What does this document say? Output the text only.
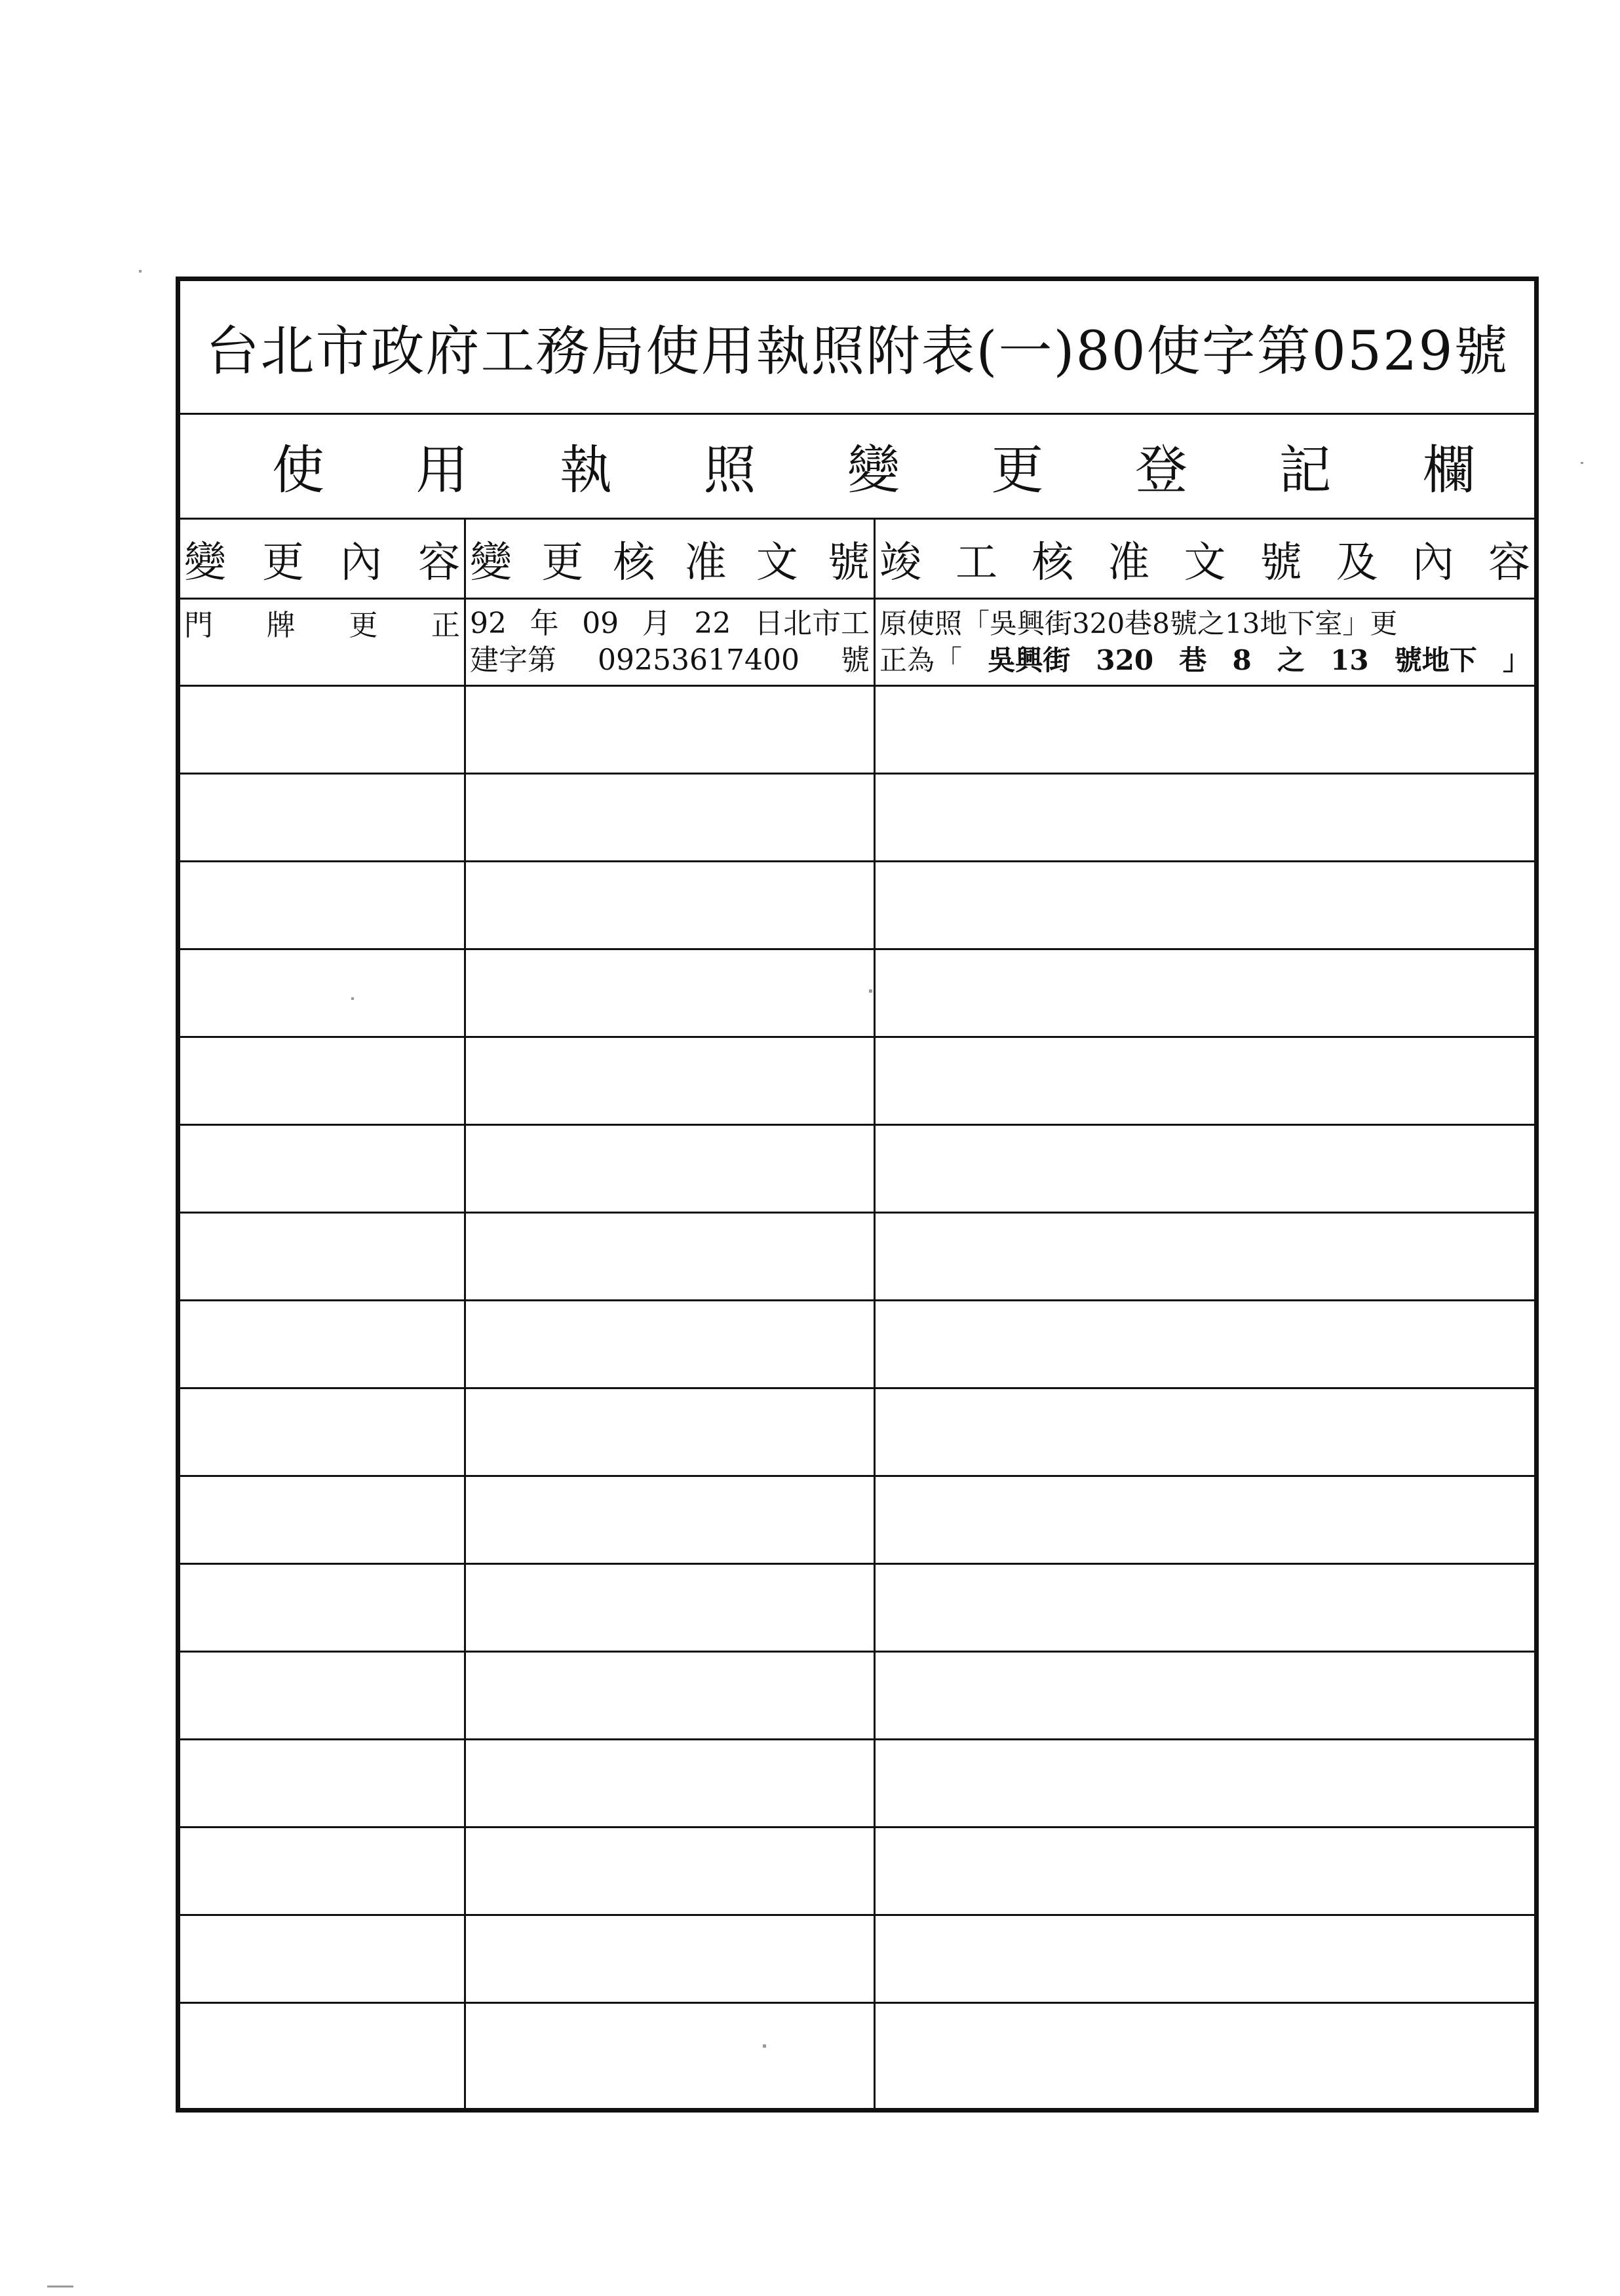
台北市政府工務局使用執照附表(一)80使字第0529號
使 用 執 照 變 更 登 記 欄
變 更 內 容 變 更 核 准 文 號 竣 工 核 准 文 號 及 內 容
門 牌 更 正 92 年 09 月 22 日北市工
建字第 09253617400 號
原使照「吳興街320巷8號之13地下室」更
正為「 吳興街 320 巷 8 之 13 號地下 」
